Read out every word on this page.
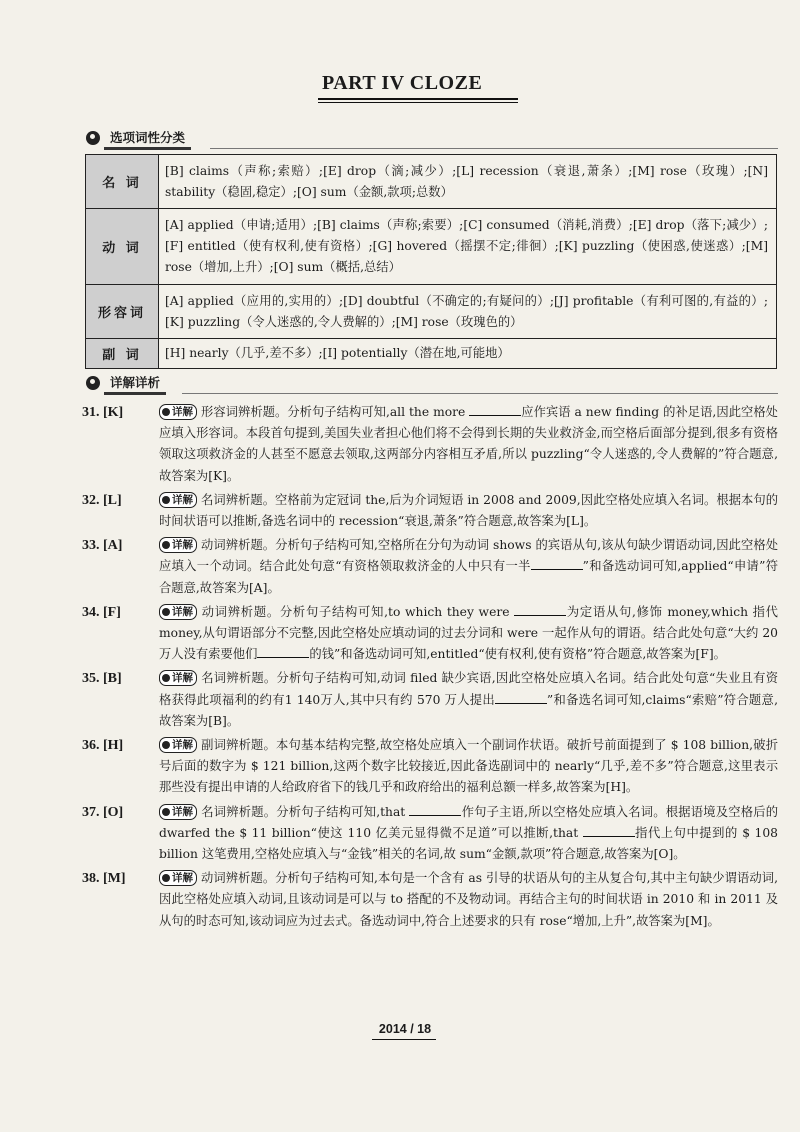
PART IV CLOZE
选项词性分类
名 词	[B] claims（声称;索赔）;[E] drop（滴;减少）;[L] recession（衰退,萧条）;[M] rose（玫瑰）;[N] stability（稳固,稳定）;[O] sum（金额,款项;总数）
动 词	[A] applied（申请;适用）;[B] claims（声称;索要）;[C] consumed（消耗,消费）;[E] drop（落下;减少）;[F] entitled（使有权利,使有资格）;[G] hovered（摇摆不定;徘徊）;[K] puzzling（使困惑,使迷惑）;[M] rose（增加,上升）;[O] sum（概括,总结）
形容词	[A] applied（应用的,实用的）;[D] doubtful（不确定的;有疑问的）;[J] profitable（有利可图的,有益的）;[K] puzzling（令人迷惑的,令人费解的）;[M] rose（玫瑰色的）
副 词	[H] nearly（几乎,差不多）;[I] potentially（潜在地,可能地）
详解详析
31. [K]	详解 形容词辨析题。分析句子结构可知,all the more	应作宾语 a new finding 的补足语,因此空格处应填入形容词。本段首句提到,美国失业者担心他们将不会得到长期的失业救济金,而空格后面部分提到,很多有资格领取这项救济金的人甚至不愿意去领取,这两部分内容相互矛盾,所以 puzzling“令人迷惑的,令人费解的”符合题意,故答案为[K]。
32. [L]	详解 名词辨析题。空格前为定冠词 the,后为介词短语 in 2008 and 2009,因此空格处应填入名词。根据本句的时间状语可以推断,备选名词中的 recession“衰退,萧条”符合题意,故答案为[L]。
33. [A]	详解 动词辨析题。分析句子结构可知,空格所在分句为动词 shows 的宾语从句,该从句缺少谓语动词,因此空格处应填入一个动词。结合此处句意“有资格领取救济金的人中只有一半	”和备选动词可知,applied“申请”符合题意,故答案为[A]。
34. [F]	详解 动词辨析题。分析句子结构可知,to which they were	为定语从句,修饰 money,which 指代 money,从句谓语部分不完整,因此空格处应填动词的过去分词和 were 一起作从句的谓语。结合此处句意“大约 20 万人没有索要他们	的钱”和备选动词可知,entitled“使有权利,使有资格”符合题意,故答案为[F]。
35. [B]	详解 名词辨析题。分析句子结构可知,动词 filed 缺少宾语,因此空格处应填入名词。结合此处句意“失业且有资格获得此项福利的约有1 140万人,其中只有约 570 万人提出	”和备选名词可知,claims“索赔”符合题意,故答案为[B]。
36. [H]	详解 副词辨析题。本句基本结构完整,故空格处应填入一个副词作状语。破折号前面提到了 $ 108 billion,破折号后面的数字为 $ 121 billion,这两个数字比较接近,因此备选副词中的 nearly“几乎,差不多”符合题意,这里表示那些没有提出申请的人给政府省下的钱几乎和政府给出的福利总额一样多,故答案为[H]。
37. [O]	详解 名词辨析题。分析句子结构可知,that	作句子主语,所以空格处应填入名词。根据语境及空格后的 dwarfed the $ 11 billion“使这 110 亿美元显得微不足道”可以推断,that	指代上句中提到的 $ 108 billion 这笔费用,空格处应填入与“金钱”相关的名词,故 sum“金额,款项”符合题意,故答案为[O]。
38. [M]	详解 动词辨析题。分析句子结构可知,本句是一个含有 as 引导的状语从句的主从复合句,其中主句缺少谓语动词,因此空格处应填入动词,且该动词是可以与 to 搭配的不及物动词。再结合主句的时间状语 in 2010 和 in 2011 及从句的时态可知,该动词应为过去式。备选动词中,符合上述要求的只有 rose“增加,上升”,故答案为[M]。
2014 / 18
